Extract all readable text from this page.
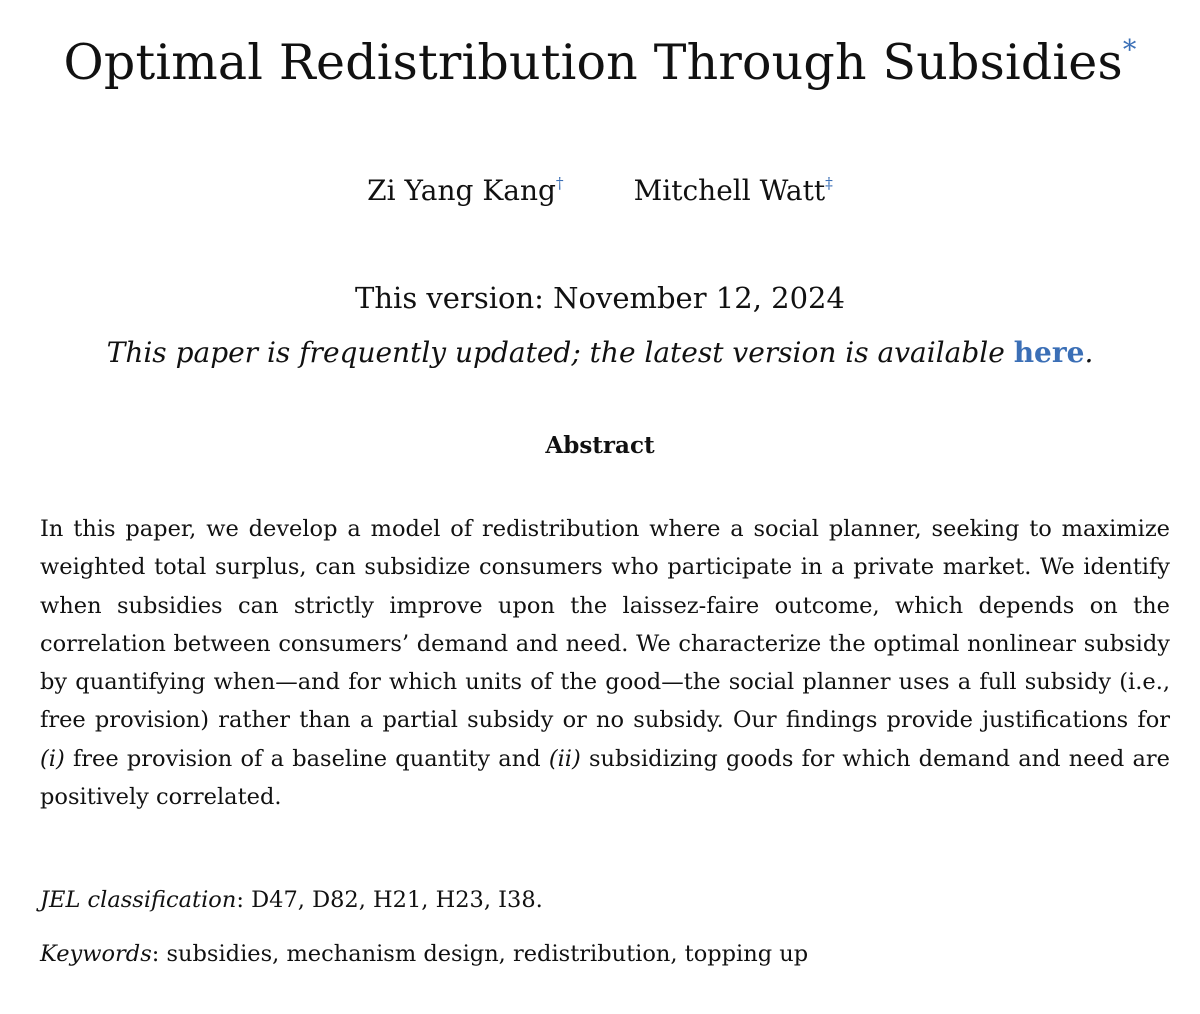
Optimal Redistribution Through Subsidies*
Zi Yang Kang†	Mitchell Watt‡
This version: November 12, 2024
This paper is frequently updated; the latest version is available here.
Abstract
In this paper, we develop a model of redistribution where a social planner, seeking to maximize weighted total surplus, can subsidize consumers who participate in a private market. We identify when subsidies can strictly improve upon the laissez-faire outcome, which depends on the correlation between consumers’ demand and need. We characterize the optimal nonlinear subsidy by quantifying when—and for which units of the good—the social planner uses a full subsidy (i.e., free provision) rather than a partial subsidy or no subsidy. Our findings provide justifications for (i) free provision of a baseline quantity and (ii) subsidizing goods for which demand and need are positively correlated.
JEL classification: D47, D82, H21, H23, I38.
Keywords: subsidies, mechanism design, redistribution, topping up
